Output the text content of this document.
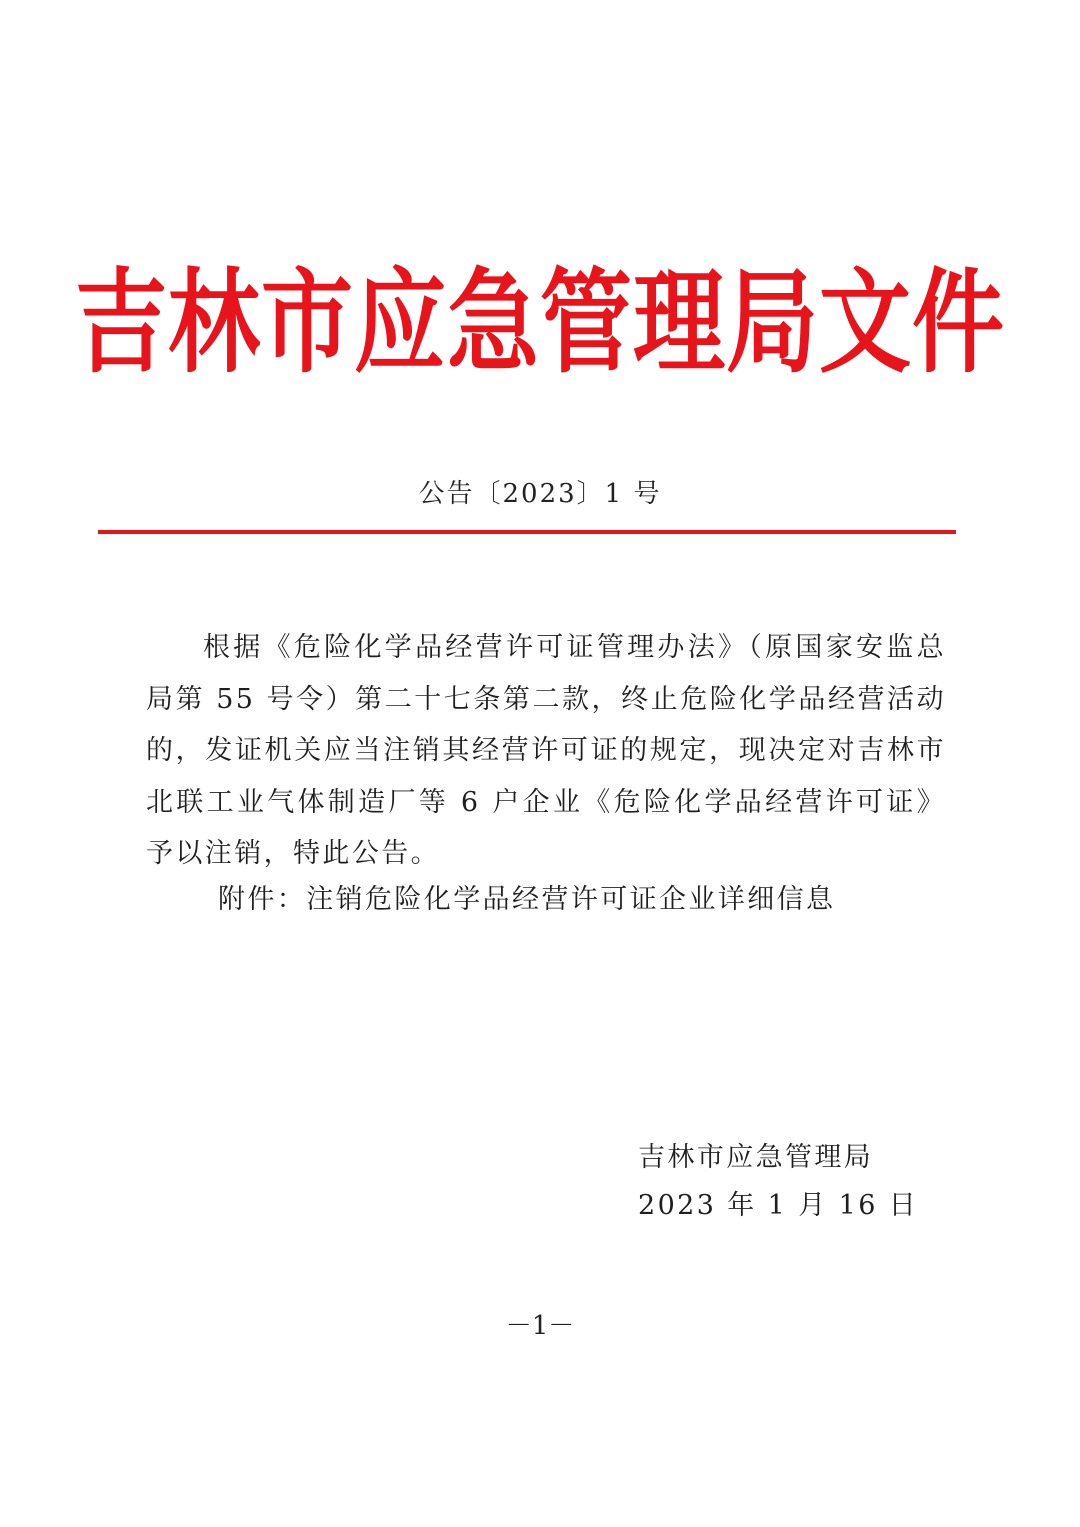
吉林市应急管理局文件
公告〔2023〕1 号

根据《危险化学品经营许可证管理办法》（原国家安监总局第 55 号令）第二十七条第二款，终止危险化学品经营活动的，发证机关应当注销其经营许可证的规定，现决定对吉林市北联工业气体制造厂等 6 户企业《危险化学品经营许可证》予以注销，特此公告。

附件：注销危险化学品经营许可证企业详细信息
吉林市应急管理局
2023 年 1 月 16 日
－1－
